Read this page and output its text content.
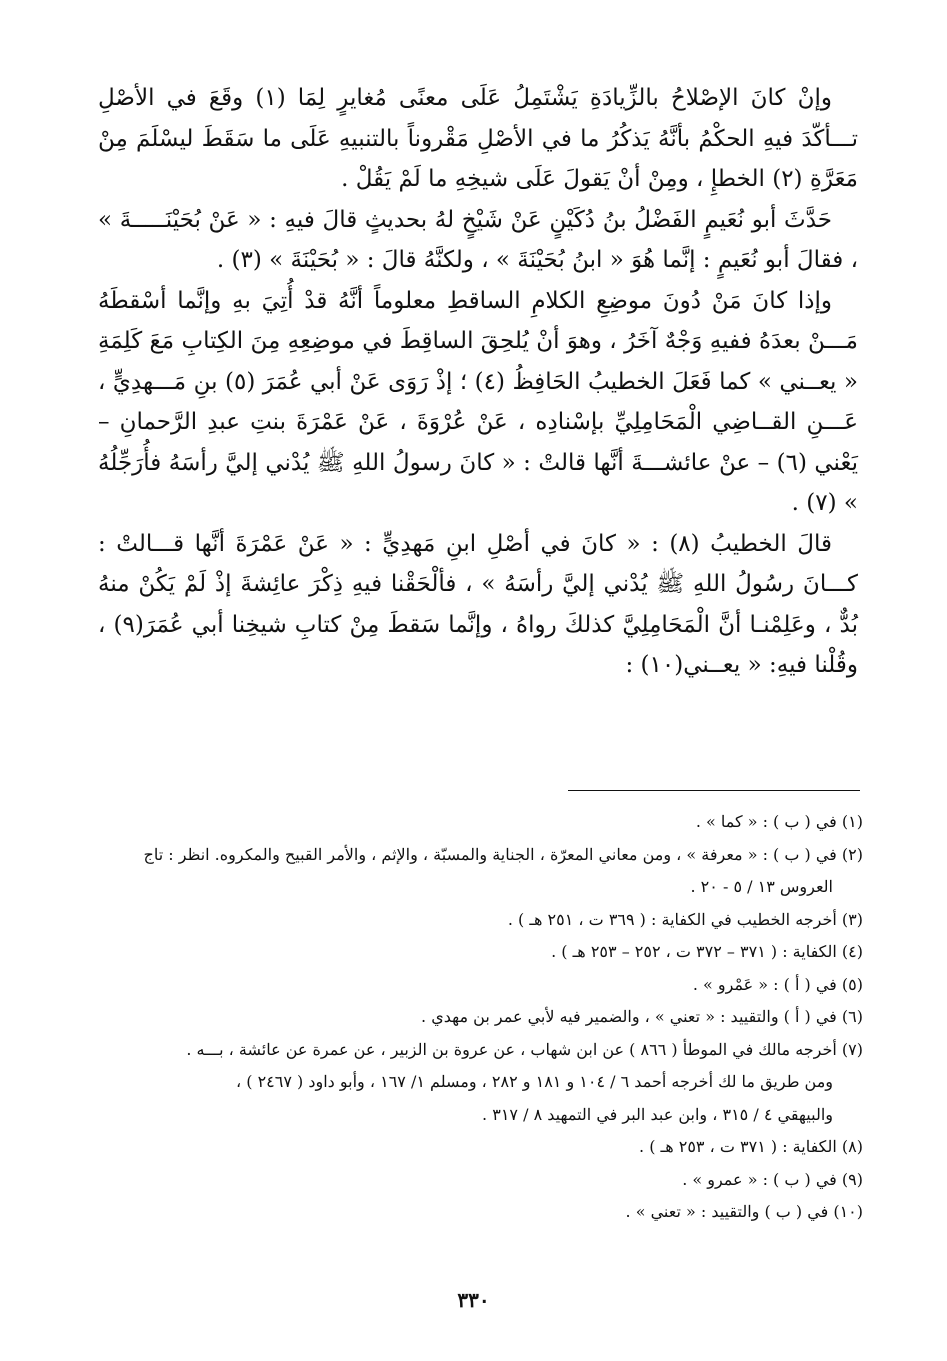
وإنْ كانَ الإصْلاحُ بالزِّيادَةِ يَشْتَمِلُ عَلَى معنًى مُغايرٍ لِمَا (١) وقَعَ في الأصْلِ تـــأكّدَ فيهِ الحكْمُ بأنَّهُ يَذكُرُ ما في الأصْلِ مَقْروناً بالتنبيهِ عَلَى ما سَقَطَ ليسْلَمَ مِنْ مَعَرَّةِ (٢) الخطإِ ، ومِنْ أنْ يَقولَ عَلَى شيخِهِ ما لَمْ يَقُلْ .

حَدَّثَ أبو نُعَيمٍ الفَضْلُ بنُ دُكَيْنٍ عَنْ شَيْخٍ لهُ بحديثٍ قالَ فيهِ : « عَنْ بُحَيْنَـــــةَ » ، فقالَ أبو نُعَيمٍ : إنَّما هُوَ « ابنُ بُحَيْنَةَ » ، ولكنَّهُ قالَ : « بُحَيْنَةَ » (٣) .

وإذا كانَ مَنْ دُونَ موضِعِ الكلامِ الساقطِ معلوماً أنَّهُ قدْ أُتِيَ بهِ وإنَّما أسْقطَهُ مَـــنْ بعدَهُ ففيهِ وَجْهٌ آخَرُ ، وهوَ أنْ يُلحِقَ الساقِطَ في موضِعِهِ مِنَ الكِتابِ مَعَ كَلِمَةِ « يعــني » كما فَعَلَ الخطيبُ الحَافِظُ (٤) ؛ إذْ رَوَى عَنْ أبي عُمَرَ (٥) بنِ مَـــهدِيٍّ ، عَـــنِ القــاضِي الْمَحَامِلِيِّ بإسْنادِه ، عَنْ عُرْوَةَ ، عَنْ عَمْرَةَ بنتِ عبدِ الرَّحمانِ – يَعْني (٦) – عنْ عائشـــةَ أنَّها قالتْ : « كانَ رسولُ اللهِ ﷺ يُدْني إليَّ رأسَهُ فأُرَجِّلُهُ » (٧) .

قالَ الخطيبُ (٨) : « كانَ في أصْلِ ابنِ مَهدِيٍّ : « عَنْ عَمْرَةَ أنَّها قـــالتْ : كـــانَ رسُولُ اللهِ ﷺ يُدْني إليَّ رأسَهُ » ، فألْحَقْنا فيهِ ذِكْرَ عائِشةَ إذْ لَمْ يَكُنْ منهُ بُدٌّ ، وعَلِمْنـا أنَّ الْمَحَامِلِيَّ كذلكَ رواهُ ، وإنَّما سَقطَ مِنْ كتابِ شيخِنا أبي عُمَرَ(٩) ، وقُلْنا فيهِ: « يعــني(١٠) :

(١) في ( ب ) : « كما » .

(٢) في ( ب ) : « معرفة » ، ومن معاني المعرّة ، الجناية والمسبّة ، والإثم ، والأمر القبيح والمكروه. انظر : تاج

العروس ١٣ / ٥ - ٢٠ .

(٣) أخرجه الخطيب في الكفاية : ( ٣٦٩ ت ، ٢٥١ هـ ) .

(٤) الكفاية : ( ٣٧١ – ٣٧٢ ت ، ٢٥٢ – ٢٥٣ هـ ) .

(٥) في ( أ ) : « عَمْرو » .

(٦) في ( أ ) والتقييد : « تعني » ، والضمير فيه لأبي عمر بن مهدي .

(٧) أخرجه مالك في الموطأ ( ٨٦٦ ) عن ابن شهاب ، عن عروة بن الزبير ، عن عمرة عن عائشة ، بـــه .

ومن طريق ما لك أخرجه أحمد ٦ / ١٠٤ و ١٨١ و ٢٨٢ ، ومسلم ١/ ١٦٧ ، وأبو داود ( ٢٤٦٧ ) ،

والبيهقي ٤ / ٣١٥ ، وابن عبد البر في التمهيد ٨ / ٣١٧ .

(٨) الكفاية : ( ٣٧١ ت ، ٢٥٣ هـ ) .

(٩) في ( ب ) : « عمرو » .

(١٠) في ( ب ) والتقييد : « تعني » .

٣٣٠
